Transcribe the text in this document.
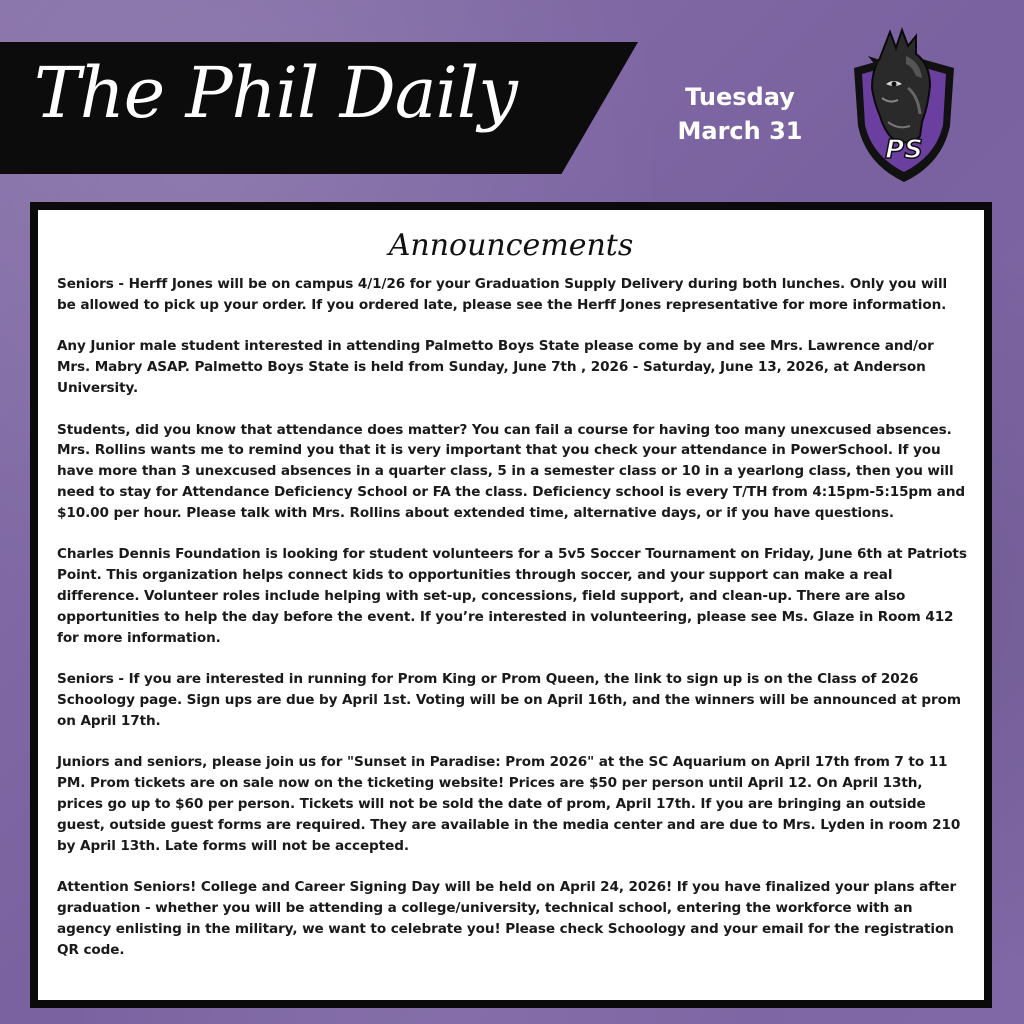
The Phil Daily	Tuesday
March 31
PS
Announcements

Seniors - Herff Jones will be on campus 4/1/26 for your Graduation Supply Delivery during both lunches. Only you will be allowed to pick up your order. If you ordered late, please see the Herff Jones representative for more information.

Any Junior male student interested in attending Palmetto Boys State please come by and see Mrs. Lawrence and/or Mrs. Mabry ASAP. Palmetto Boys State is held from Sunday, June 7th , 2026 - Saturday, June 13, 2026, at Anderson University.

Students, did you know that attendance does matter? You can fail a course for having too many unexcused absences. Mrs. Rollins wants me to remind you that it is very important that you check your attendance in PowerSchool. If you have more than 3 unexcused absences in a quarter class, 5 in a semester class or 10 in a yearlong class, then you will need to stay for Attendance Deficiency School or FA the class. Deficiency school is every T/TH from 4:15pm-5:15pm and $10.00 per hour. Please talk with Mrs. Rollins about extended time, alternative days, or if you have questions.

Charles Dennis Foundation is looking for student volunteers for a 5v5 Soccer Tournament on Friday, June 6th at Patriots Point. This organization helps connect kids to opportunities through soccer, and your support can make a real difference. Volunteer roles include helping with set-up, concessions, field support, and clean-up. There are also opportunities to help the day before the event. If you’re interested in volunteering, please see Ms. Glaze in Room 412 for more information.

Seniors - If you are interested in running for Prom King or Prom Queen, the link to sign up is on the Class of 2026 Schoology page. Sign ups are due by April 1st. Voting will be on April 16th, and the winners will be announced at prom on April 17th.

Juniors and seniors, please join us for "Sunset in Paradise: Prom 2026" at the SC Aquarium on April 17th from 7 to 11 PM. Prom tickets are on sale now on the ticketing website! Prices are $50 per person until April 12. On April 13th, prices go up to $60 per person. Tickets will not be sold the date of prom, April 17th. If you are bringing an outside guest, outside guest forms are required. They are available in the media center and are due to Mrs. Lyden in room 210 by April 13th. Late forms will not be accepted.

Attention Seniors! College and Career Signing Day will be held on April 24, 2026! If you have finalized your plans after graduation - whether you will be attending a college/university, technical school, entering the workforce with an agency enlisting in the military, we want to celebrate you! Please check Schoology and your email for the registration QR code.
